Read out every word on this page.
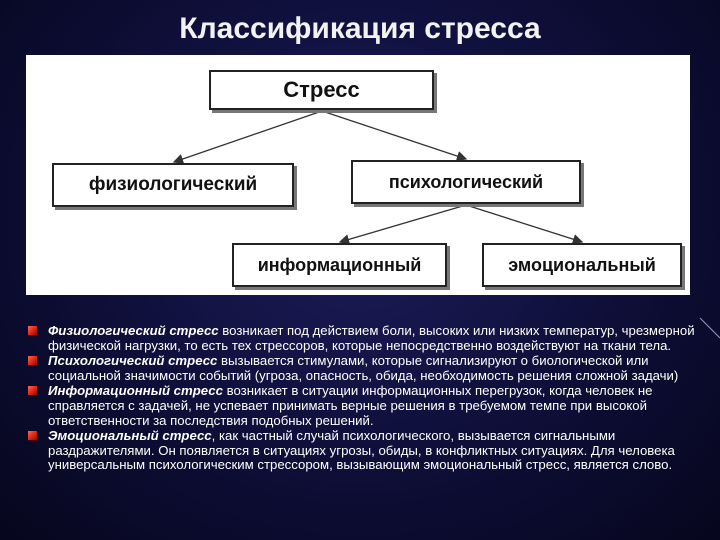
Классификация стресса
Стресс
физиологический	психологический
информационный	эмоциональный
Физиологический стресс возникает под действием боли, высоких или низких температур, чрезмерной физической нагрузки, то есть тех стрессоров, которые непосредственно воздействуют на ткани тела.
Психологический стресс вызывается стимулами, которые сигнализируют о биологической или социальной значимости событий (угроза, опасность, обида, необходимость решения сложной задачи)
Информационный стресс возникает в ситуации информационных перегрузок, когда человек не справляется с задачей, не успевает принимать верные решения в требуемом темпе при высокой ответственности за последствия подобных решений.
Эмоциональный стресс, как частный случай психологического, вызывается сигнальными раздражителями. Он появляется в ситуациях угрозы, обиды, в конфликтных ситуациях. Для человека универсальным психологическим стрессором, вызывающим эмоциональный стресс, является слово.
